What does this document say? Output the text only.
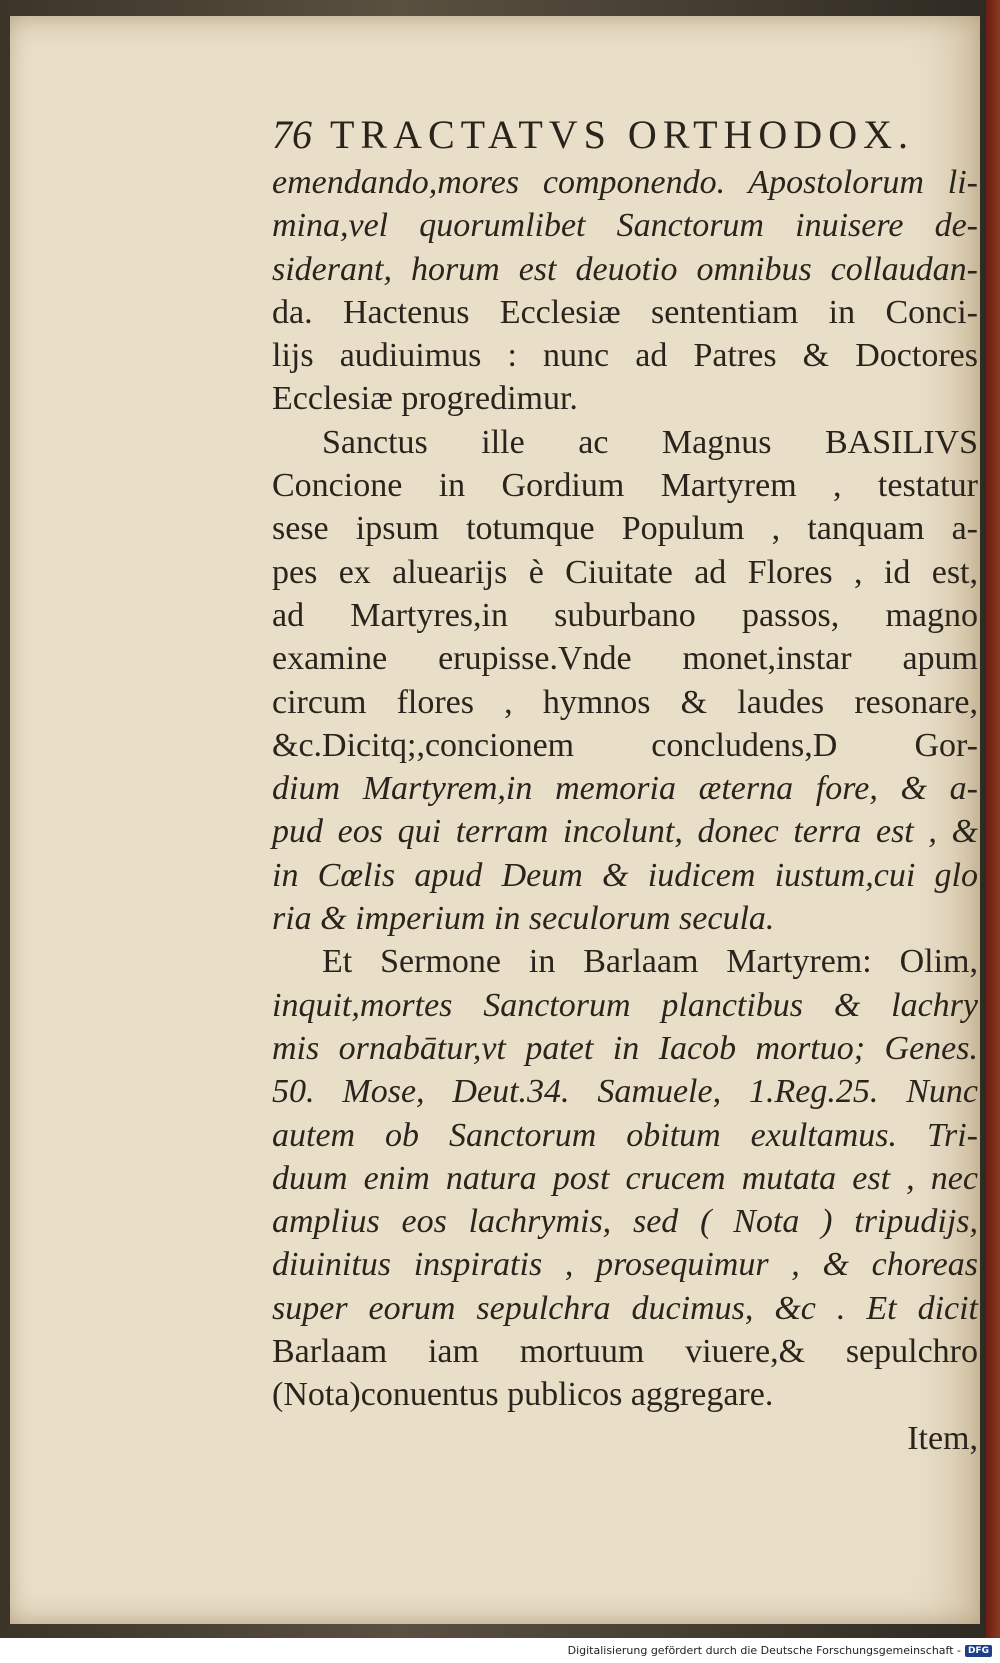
76 TRACTATVS ORTHODOX.
emendando,mores componendo. Apostolorum li-
mina,vel quorumlibet Sanctorum inuisere de-
siderant, horum est deuotio omnibus collaudan-
da. Hactenus Ecclesiæ sententiam in Conci-
lijs audiuimus : nunc ad Patres & Doctores
Ecclesiæ progredimur.
Sanctus ille ac Magnus BASILIVS
Concione in Gordium Martyrem , testatur
sese ipsum totumque Populum , tanquam a-
pes ex aluearijs è Ciuitate ad Flores , id est,
ad Martyres,in suburbano passos, magno
examine erupisse.Vnde monet,instar apum
circum flores , hymnos & laudes resonare,
&c.Dicitq;,concionem concludens,D Gor-
dium Martyrem,in memoria æterna fore, & a-
pud eos qui terram incolunt, donec terra est , &
in Cœlis apud Deum & iudicem iustum,cui glo
ria & imperium in seculorum secula.
Et Sermone in Barlaam Martyrem: Olim,
inquit,mortes Sanctorum planctibus & lachry
mis ornabātur,vt patet in Iacob mortuo; Genes.
50. Mose, Deut.34. Samuele, 1.Reg.25. Nunc
autem ob Sanctorum obitum exultamus. Tri-
duum enim natura post crucem mutata est , nec
amplius eos lachrymis, sed ( Nota ) tripudijs,
diuinitus inspiratis , prosequimur , & choreas
super eorum sepulchra ducimus, &c . Et dicit
Barlaam iam mortuum viuere,& sepulchro
(Nota)conuentus publicos aggregare.
Item,
Digitalisierung gefördert durch die Deutsche Forschungsgemeinschaft - DFG
